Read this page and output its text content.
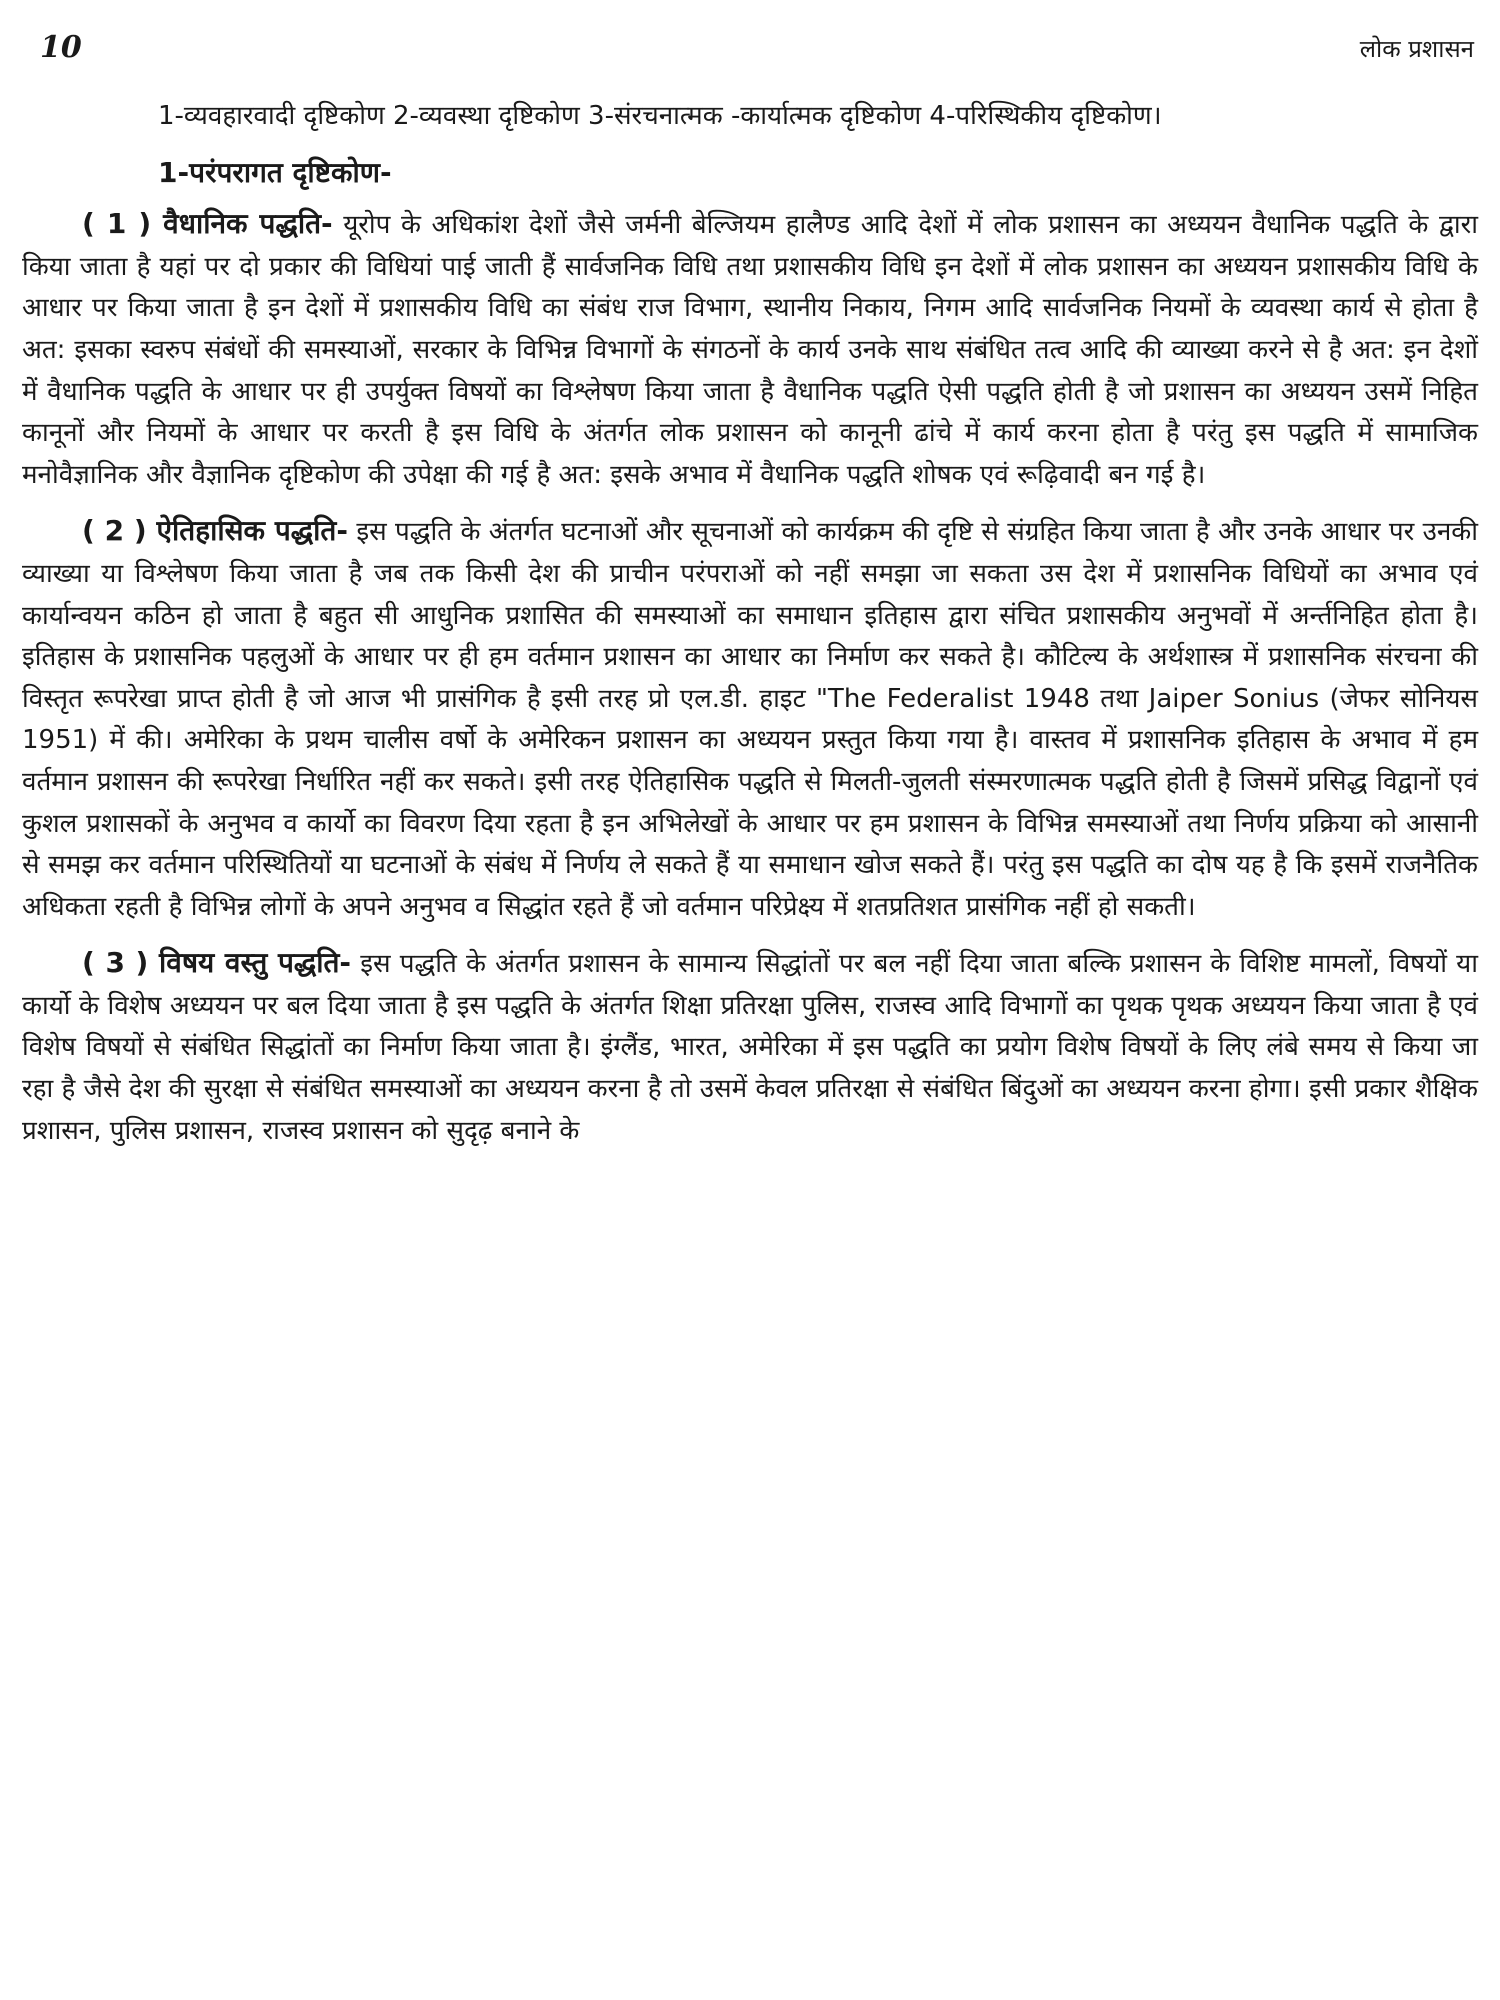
10	लोक प्रशासन

1-व्यवहारवादी दृष्टिकोण 2-व्यवस्था दृष्टिकोण 3-संरचनात्मक -कार्यात्मक दृष्टिकोण 4-परिस्थिकीय दृष्टिकोण।

1-परंपरागत दृष्टिकोण-

( 1 ) वैधानिक पद्धति- यूरोप के अधिकांश देशों जैसे जर्मनी बेल्जियम हालैण्ड आदि देशों में लोक प्रशासन का अध्ययन वैधानिक पद्धति के द्वारा किया जाता है यहां पर दो प्रकार की विधियां पाई जाती हैं सार्वजनिक विधि तथा प्रशासकीय विधि इन देशों में लोक प्रशासन का अध्ययन प्रशासकीय विधि के आधार पर किया जाता है इन देशों में प्रशासकीय विधि का संबंध राज विभाग, स्थानीय निकाय, निगम आदि सार्वजनिक नियमों के व्यवस्था कार्य से होता है अत: इसका स्वरुप संबंधों की समस्याओं, सरकार के विभिन्न विभागों के संगठनों के कार्य उनके साथ संबंधित तत्व आदि की व्याख्या करने से है अत: इन देशों में वैधानिक पद्धति के आधार पर ही उपर्युक्त विषयों का विश्लेषण किया जाता है वैधानिक पद्धति ऐसी पद्धति होती है जो प्रशासन का अध्ययन उसमें निहित कानूनों और नियमों के आधार पर करती है इस विधि के अंतर्गत लोक प्रशासन को कानूनी ढांचे में कार्य करना होता है परंतु इस पद्धति में सामाजिक मनोवैज्ञानिक और वैज्ञानिक दृष्टिकोण की उपेक्षा की गई है अत: इसके अभाव में वैधानिक पद्धति शोषक एवं रूढ़िवादी बन गई है।

( 2 ) ऐतिहासिक पद्धति- इस पद्धति के अंतर्गत घटनाओं और सूचनाओं को कार्यक्रम की दृष्टि से संग्रहित किया जाता है और उनके आधार पर उनकी व्याख्या या विश्लेषण किया जाता है जब तक किसी देश की प्राचीन परंपराओं को नहीं समझा जा सकता उस देश में प्रशासनिक विधियों का अभाव एवं कार्यान्वयन कठिन हो जाता है बहुत सी आधुनिक प्रशासित की समस्याओं का समाधान इतिहास द्वारा संचित प्रशासकीय अनुभवों में अर्न्तनिहित होता है। इतिहास के प्रशासनिक पहलुओं के आधार पर ही हम वर्तमान प्रशासन का आधार का निर्माण कर सकते है। कौटिल्य के अर्थशास्त्र में प्रशासनिक संरचना की विस्तृत रूपरेखा प्राप्त होती है जो आज भी प्रासंगिक है इसी तरह प्रो एल.डी. हाइट "The Federalist 1948 तथा Jaiper Sonius (जेफर सोनियस 1951) में की। अमेरिका के प्रथम चालीस वर्षो के अमेरिकन प्रशासन का अध्ययन प्रस्तुत किया गया है। वास्तव में प्रशासनिक इतिहास के अभाव में हम वर्तमान प्रशासन की रूपरेखा निर्धारित नहीं कर सकते। इसी तरह ऐतिहासिक पद्धति से मिलती-जुलती संस्मरणात्मक पद्धति होती है जिसमें प्रसिद्ध विद्वानों एवं कुशल प्रशासकों के अनुभव व कार्यो का विवरण दिया रहता है इन अभिलेखों के आधार पर हम प्रशासन के विभिन्न समस्याओं तथा निर्णय प्रक्रिया को आसानी से समझ कर वर्तमान परिस्थितियों या घटनाओं के संबंध में निर्णय ले सकते हैं या समाधान खोज सकते हैं। परंतु इस पद्धति का दोष यह है कि इसमें राजनैतिक अधिकता रहती है विभिन्न लोगों के अपने अनुभव व सिद्धांत रहते हैं जो वर्तमान परिप्रेक्ष्य में शतप्रतिशत प्रासंगिक नहीं हो सकती।

( 3 ) विषय वस्तु पद्धति- इस पद्धति के अंतर्गत प्रशासन के सामान्य सिद्धांतों पर बल नहीं दिया जाता बल्कि प्रशासन के विशिष्ट मामलों, विषयों या कार्यो के विशेष अध्ययन पर बल दिया जाता है इस पद्धति के अंतर्गत शिक्षा प्रतिरक्षा पुलिस, राजस्व आदि विभागों का पृथक पृथक अध्ययन किया जाता है एवं विशेष विषयों से संबंधित सिद्धांतों का निर्माण किया जाता है। इंग्लैंड, भारत, अमेरिका में इस पद्धति का प्रयोग विशेष विषयों के लिए लंबे समय से किया जा रहा है जैसे देश की सुरक्षा से संबंधित समस्याओं का अध्ययन करना है तो उसमें केवल प्रतिरक्षा से संबंधित बिंदुओं का अध्ययन करना होगा। इसी प्रकार शैक्षिक प्रशासन, पुलिस प्रशासन, राजस्व प्रशासन को सुदृढ़ बनाने के
